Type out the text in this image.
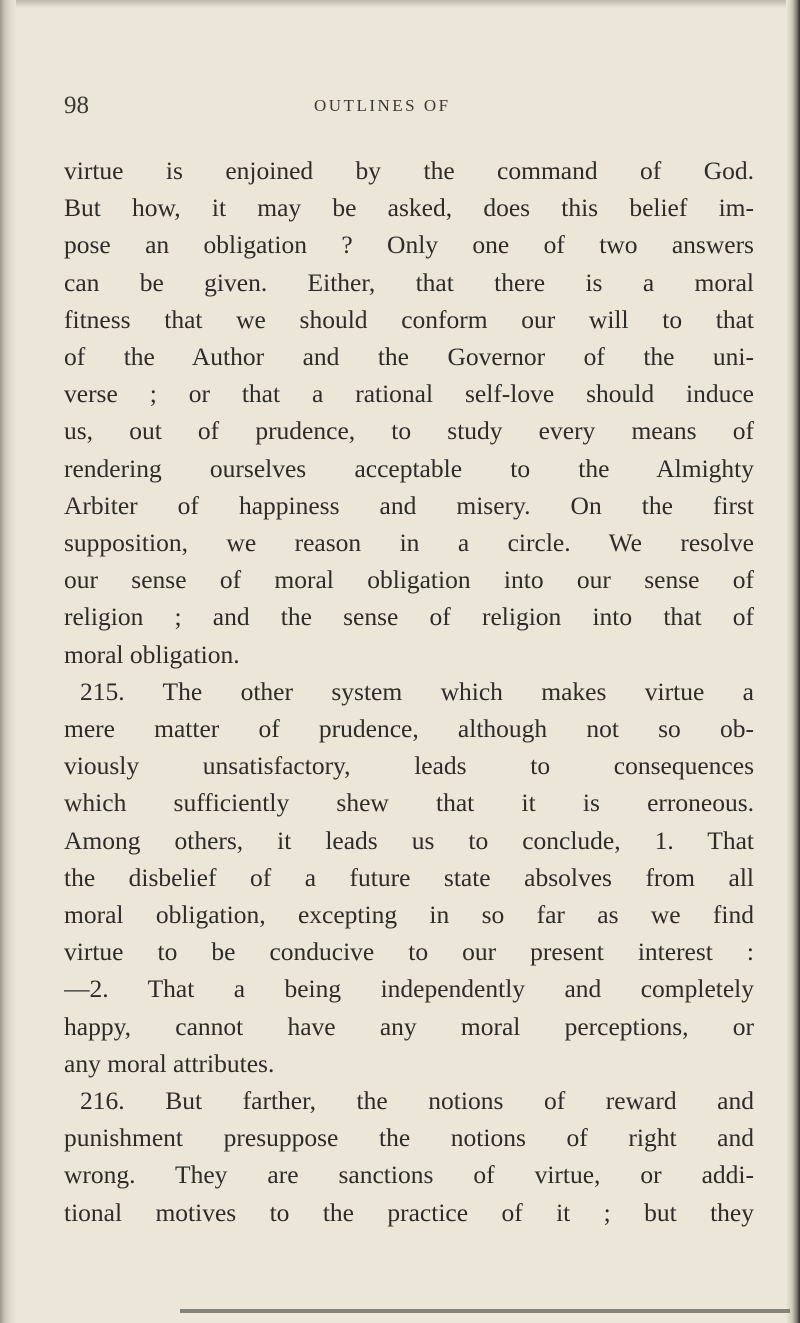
98	OUTLINES OF
virtue is enjoined by the command of God.
But how, it may be asked, does this belief im-
pose an obligation ? Only one of two answers
can be given. Either, that there is a moral
fitness that we should conform our will to that
of the Author and the Governor of the uni-
verse ; or that a rational self-love should induce
us, out of prudence, to study every means of
rendering ourselves acceptable to the Almighty
Arbiter of happiness and misery. On the first
supposition, we reason in a circle. We resolve
our sense of moral obligation into our sense of
religion ; and the sense of religion into that of
moral obligation.
215. The other system which makes virtue a
mere matter of prudence, although not so ob-
viously unsatisfactory, leads to consequences
which sufficiently shew that it is erroneous.
Among others, it leads us to conclude, 1. That
the disbelief of a future state absolves from all
moral obligation, excepting in so far as we find
virtue to be conducive to our present interest :
—2. That a being independently and completely
happy, cannot have any moral perceptions, or
any moral attributes.
216. But farther, the notions of reward and
punishment presuppose the notions of right and
wrong. They are sanctions of virtue, or addi-
tional motives to the practice of it ; but they
